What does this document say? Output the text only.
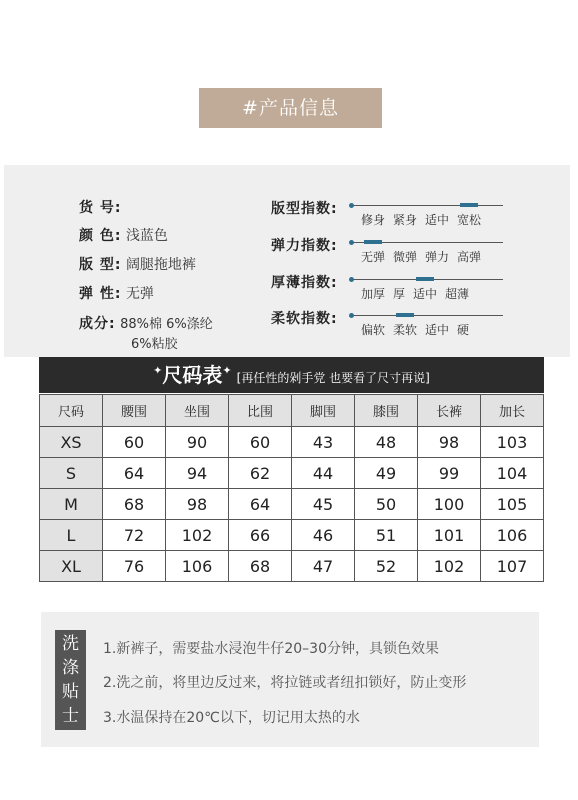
#产品信息
货 号:
颜 色: 浅蓝色
版 型: 阔腿拖地裤
弹 性: 无弹
成分: 88%棉 6%涤纶
6%粘胶
版型指数:
修身 紧身 适中 宽松
弹力指数:
无弹 微弹 弹力 高弹
厚薄指数:
加厚 厚 适中 超薄
柔软指数:
偏软 柔软 适中 硬
✦尺码表✦ [再任性的剁手党 也要看了尺寸再说]
尺码	腰围	坐围	比围	脚围	膝围	长裤	加长
XS	60	90	60	43	48	98	103
S	64	94	62	44	49	99	104
M	68	98	64	45	50	100	105
L	72	102	66	46	51	101	106
XL	76	106	68	47	52	102	107
洗
涤
贴
士
1.新裤子，需要盐水浸泡牛仔20–30分钟，具锁色效果
2.洗之前，将里边反过来，将拉链或者纽扣锁好，防止变形
3.水温保持在20℃以下，切记用太热的水
